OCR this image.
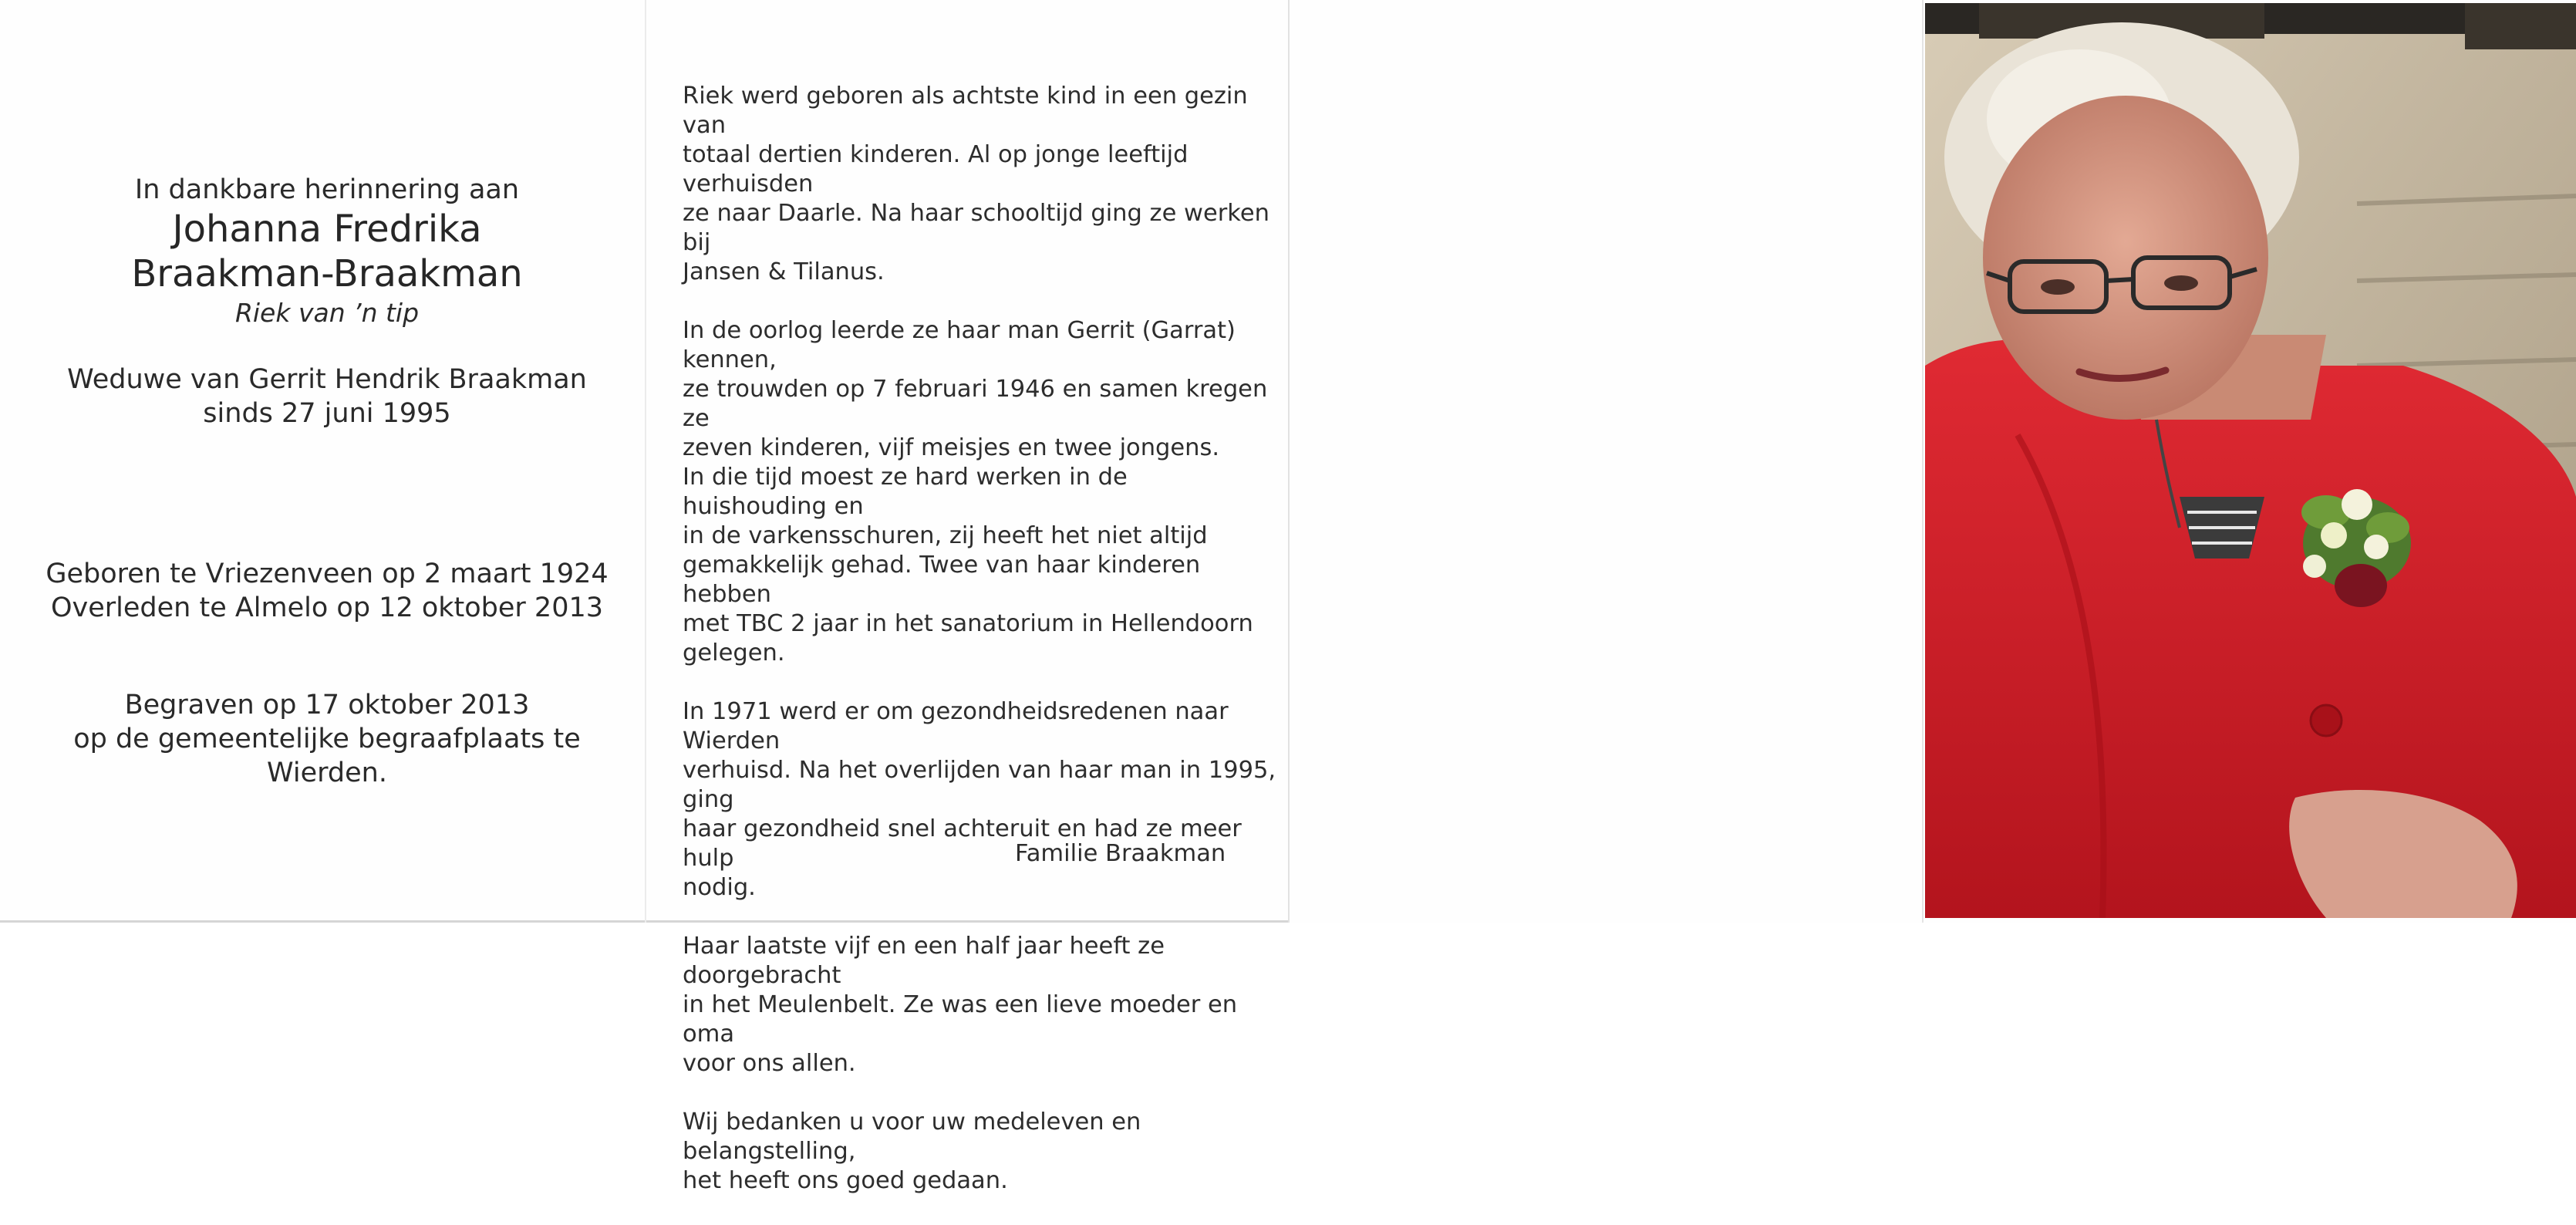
In dankbare herinnering aan
Johanna Fredrika
Braakman-Braakman
Riek van ’n tip
Weduwe van Gerrit Hendrik Braakman
sinds 27 juni 1995
Geboren te Vriezenveen op 2 maart 1924
Overleden te Almelo op 12 oktober 2013
Begraven op 17 oktober 2013
op de gemeentelijke begraafplaats te Wierden.

Riek werd geboren als achtste kind in een gezin van
totaal dertien kinderen. Al op jonge leeftijd verhuisden
ze naar Daarle. Na haar schooltijd ging ze werken bij
Jansen & Tilanus.

In de oorlog leerde ze haar man Gerrit (Garrat) kennen,
ze trouwden op 7 februari 1946 en samen kregen ze
zeven kinderen, vijf meisjes en twee jongens.
In die tijd moest ze hard werken in de huishouding en
in de varkensschuren, zij heeft het niet altijd
gemakkelijk gehad. Twee van haar kinderen hebben
met TBC 2 jaar in het sanatorium in Hellendoorn
gelegen.

In 1971 werd er om gezondheidsredenen naar Wierden
verhuisd. Na het overlijden van haar man in 1995, ging
haar gezondheid snel achteruit en had ze meer hulp
nodig.

Haar laatste vijf en een half jaar heeft ze doorgebracht
in het Meulenbelt. Ze was een lieve moeder en oma
voor ons allen.

Wij bedanken u voor uw medeleven en belangstelling,
het heeft ons goed gedaan.

Familie Braakman
